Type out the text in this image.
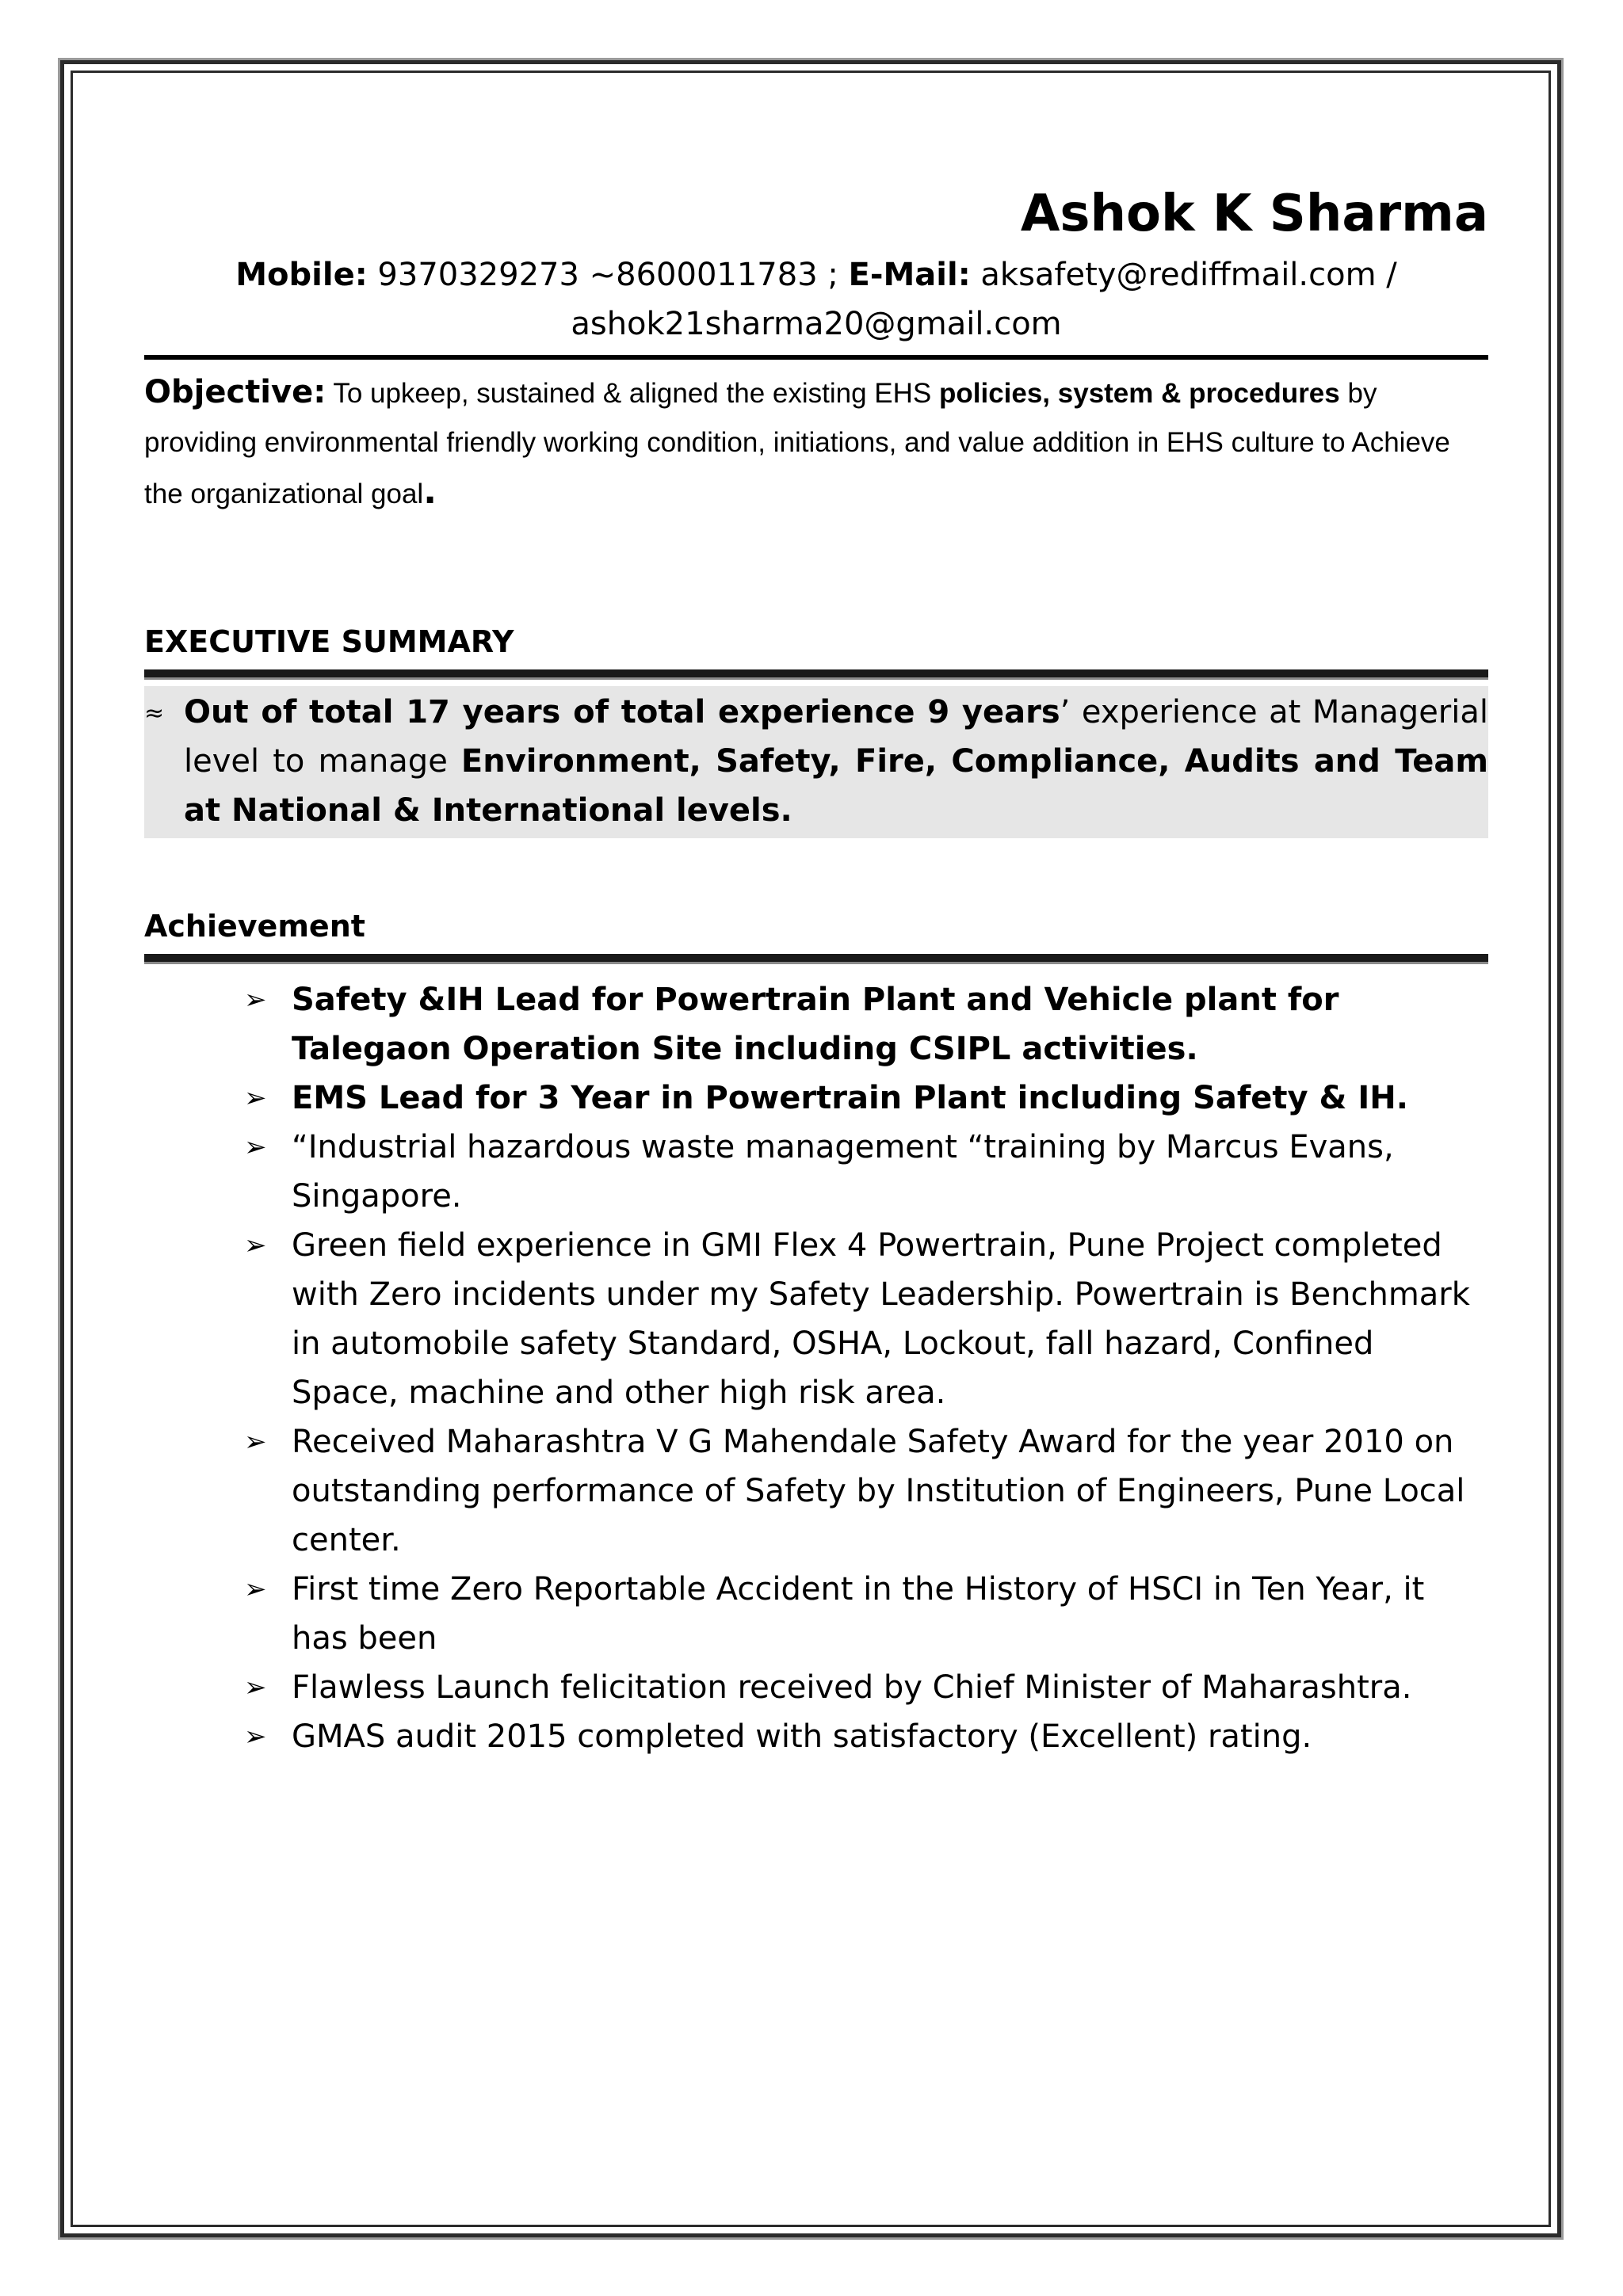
Ashok K Sharma
Mobile: 9370329273 ~8600011783 ; E-Mail: aksafety@rediffmail.com /
ashok21sharma20@gmail.com
Objective: To upkeep, sustained & aligned the existing EHS policies, system & procedures by providing environmental friendly working condition, initiations, and value addition in EHS culture to Achieve the organizational goal.
EXECUTIVE SUMMARY
≈ Out of total 17 years of total experience 9 years’ experience at Managerial level to manage Environment, Safety, Fire, Compliance, Audits and Team at National & International levels.
Achievement
➢ Safety &IH Lead for Powertrain Plant and Vehicle plant for Talegaon Operation Site including CSIPL activities.
➢ EMS Lead for 3 Year in Powertrain Plant including Safety & IH.
➢ “Industrial hazardous waste management “training by Marcus Evans, Singapore.
➢ Green field experience in GMI Flex 4 Powertrain, Pune Project completed with Zero incidents under my Safety Leadership. Powertrain is Benchmark in automobile safety Standard, OSHA, Lockout, fall hazard, Confined Space, machine and other high risk area.
➢ Received Maharashtra V G Mahendale Safety Award for the year 2010 on outstanding performance of Safety by Institution of Engineers, Pune Local center.
➢ First time Zero Reportable Accident in the History of HSCI in Ten Year, it has been
➢ Flawless Launch felicitation received by Chief Minister of Maharashtra.
➢ GMAS audit 2015 completed with satisfactory (Excellent) rating.
